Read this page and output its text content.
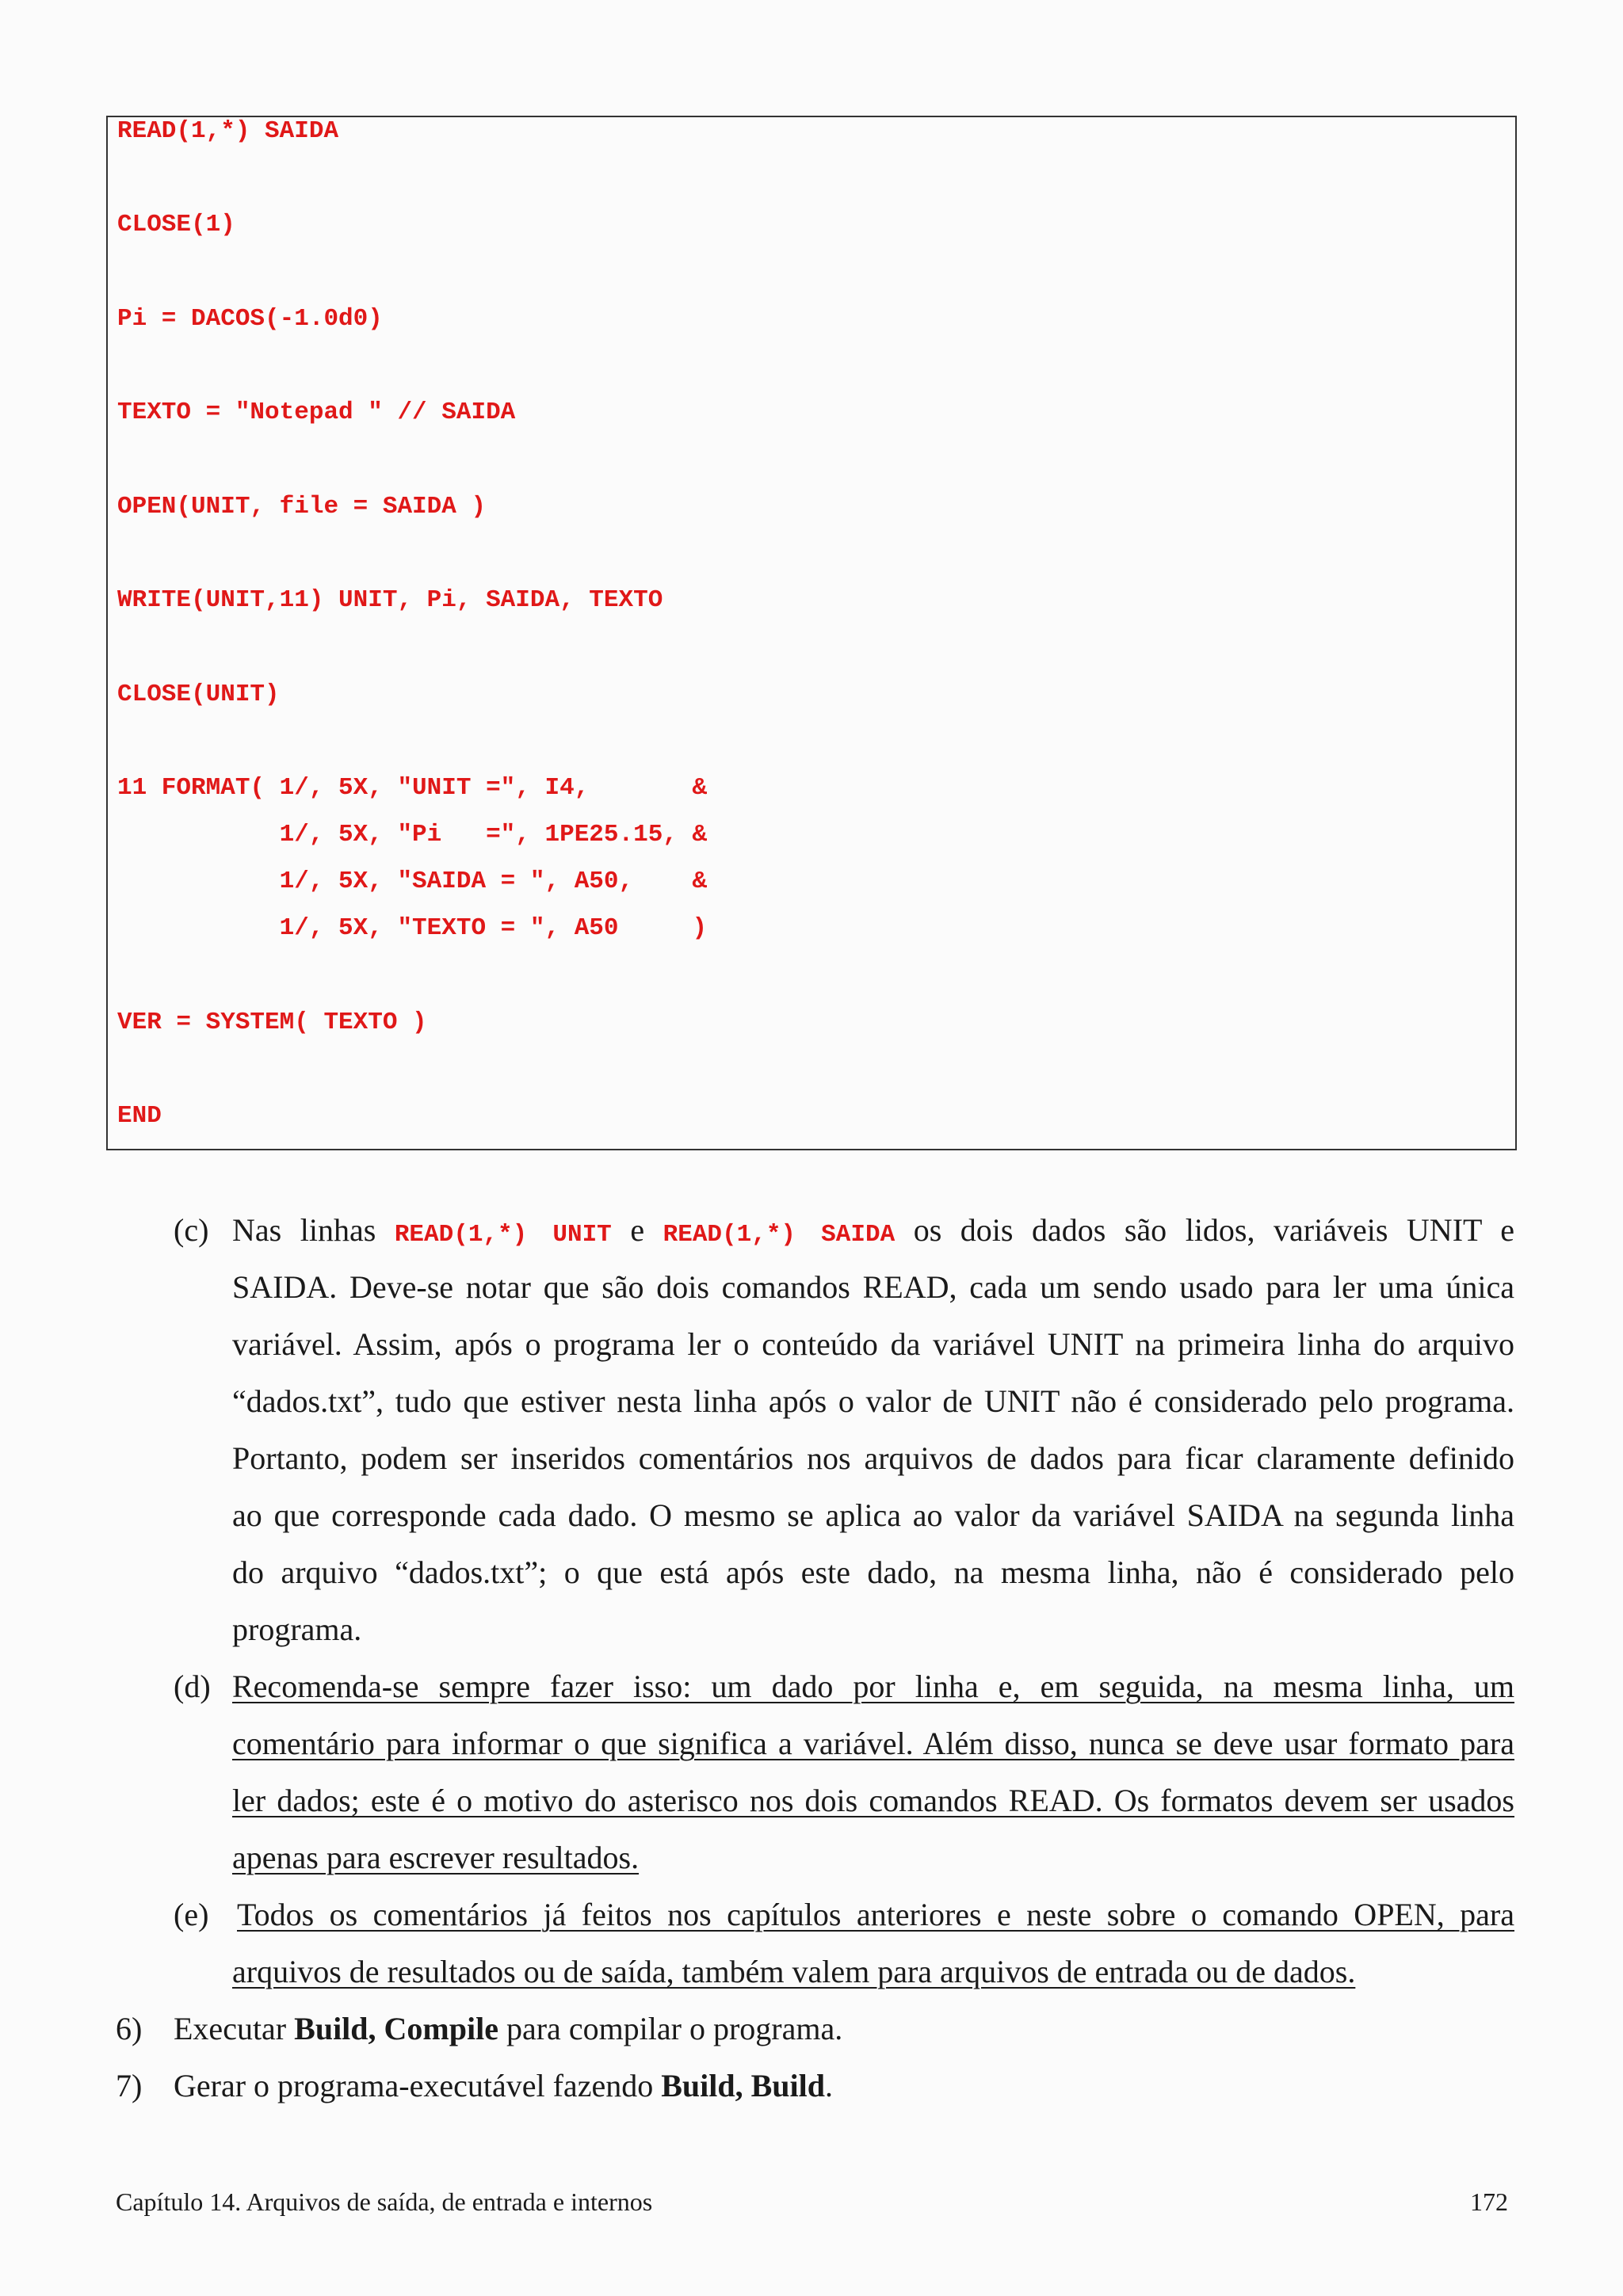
READ(1,*) SAIDA
CLOSE(1)
Pi = DACOS(-1.0d0)
TEXTO = "Notepad " // SAIDA
OPEN(UNIT, file = SAIDA )
WRITE(UNIT,11) UNIT, Pi, SAIDA, TEXTO
CLOSE(UNIT)
11 FORMAT( 1/, 5X, "UNIT =", I4,       &
1/, 5X, "Pi   =", 1PE25.15, &
1/, 5X, "SAIDA = ", A50,    &
1/, 5X, "TEXTO = ", A50     )
VER = SYSTEM( TEXTO )
END
(c) Nas linhas READ(1,*) UNIT e READ(1,*) SAIDA os dois dados são lidos, variáveis UNIT e
SAIDA. Deve-se notar que são dois comandos READ, cada um sendo usado para ler uma única
variável. Assim, após o programa ler o conteúdo da variável UNIT na primeira linha do arquivo
“dados.txt”, tudo que estiver nesta linha após o valor de UNIT não é considerado pelo programa.
Portanto, podem ser inseridos comentários nos arquivos de dados para ficar claramente definido
ao que corresponde cada dado. O mesmo se aplica ao valor da variável SAIDA na segunda linha
do arquivo “dados.txt”; o que está após este dado, na mesma linha, não é considerado pelo
programa.
(d) Recomenda-se sempre fazer isso: um dado por linha e, em seguida, na mesma linha, um
comentário para informar o que significa a variável. Além disso, nunca se deve usar formato para
ler dados; este é o motivo do asterisco nos dois comandos READ. Os formatos devem ser usados
apenas para escrever resultados.
(e) Todos os comentários já feitos nos capítulos anteriores e neste sobre o comando OPEN, para
arquivos de resultados ou de saída, também valem para arquivos de entrada ou de dados.
6) Executar Build, Compile para compilar o programa.
7) Gerar o programa-executável fazendo Build, Build.
Capítulo 14. Arquivos de saída, de entrada e internos	172
